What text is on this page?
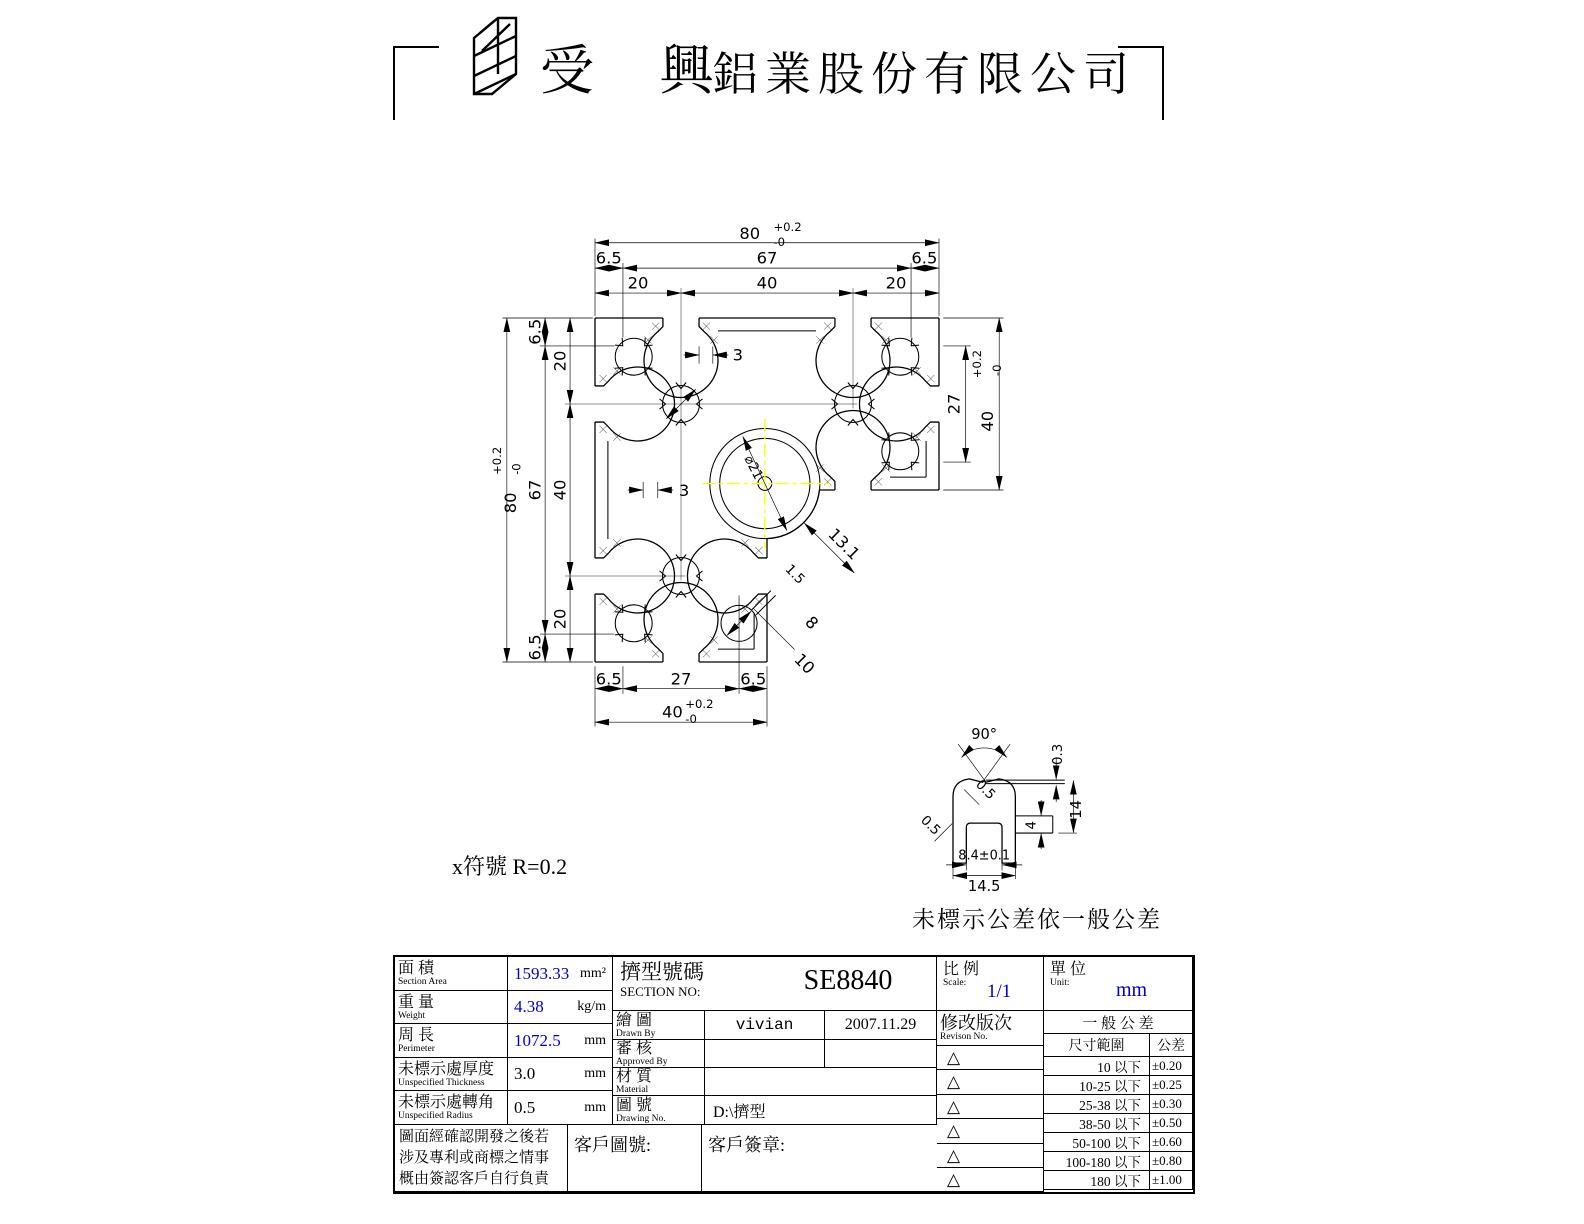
受 興
鋁業股份有限公司
20	40	20
6.5	67	6.5
80	+0.2
-0
20
40
20
6.5
67
6.5
80
+0.2 -0
27
40
+0.2 -0
6.5	27	6.5
40 +0.2
-0
3
3
13.1
⌀21
1.5
8
10
90°
0.3
14
4
8.4±0.1
14.5
0.5
0.5
x符號 R=0.2
未標示公差依一般公差
面 積
Section Area	1593.33 mm²
重 量
Weight	4.38 kg/m
周 長
Perimeter	1072.5 mm
未標示處厚度
Unspecified Thickness	3.0	mm
未標示處轉角
Unspecified Radius	0.5	mm
擠型號碼
SECTION NO:	SE8840
繪 圖
Drawn By	vivian	2007.11.29
審 核
Approved By
材 質
Material
圖 號
Drawing No.	D:\擠型
比 例
Scale:	1/1
修改版次
Revison No.
△
△
△
△
△
△
單 位
Unit:	mm
一 般 公 差
尺寸範圍 公差
10 以下 ±0.20
10-25 以下 ±0.25
25-38 以下 ±0.30
38-50 以下 ±0.50
50-100 以下 ±0.60
100-180 以下 ±0.80
180 以下 ±1.00
圖面經確認開發之後若
涉及專利或商標之情事
概由簽認客戶自行負責
客戶圖號:	客戶簽章:
